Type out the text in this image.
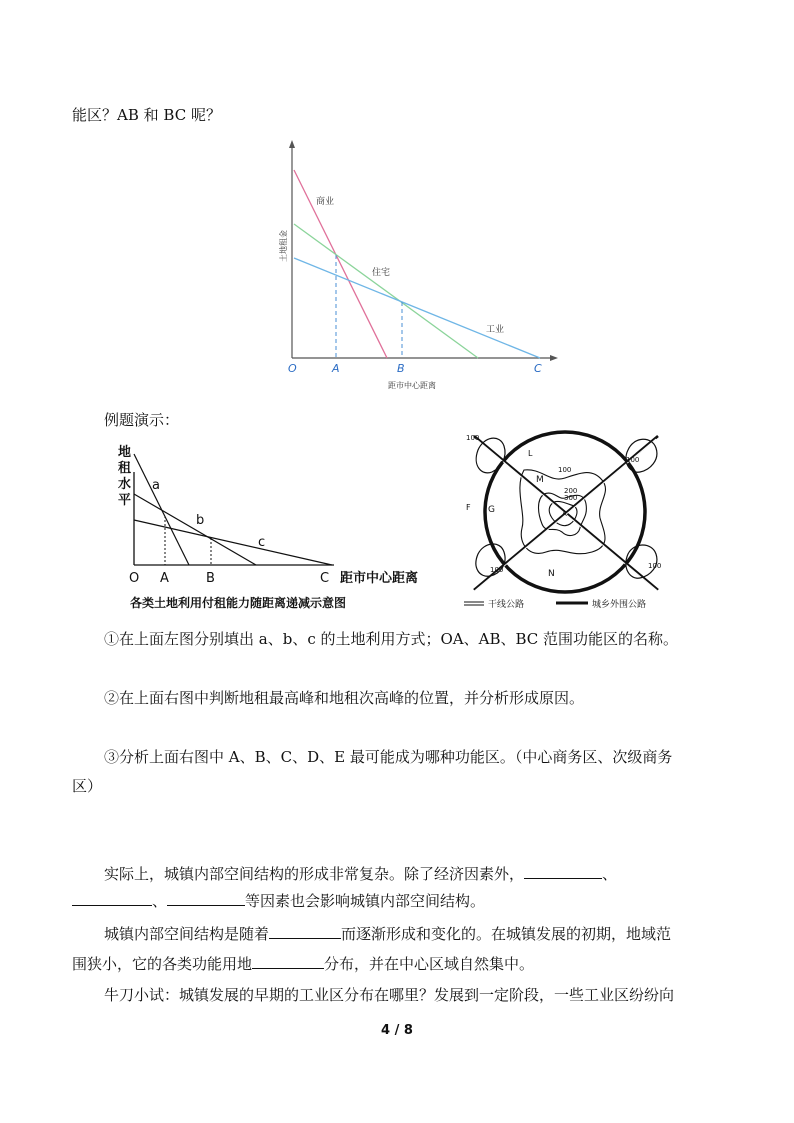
能区？AB 和 BC 呢？
土地租金
商业
住宅
工业
O	A	B	C
距市中心距离
例题演示：
地
租
水
平
a
b
c
O A	B	C 距市中心距离
各类土地利用付租能力随距离递减示意图
100
100
100	100
100
200
300
L
M
G
F
N
A
干线公路	城乡外围公路
①在上面左图分别填出 a、b、c 的土地利用方式；OA、AB、BC 范围功能区的名称。
②在上面右图中判断地租最高峰和地租次高峰的位置，并分析形成原因。
③分析上面右图中 A、B、C、D、E 最可能成为哪种功能区。（中心商务区、次级商务
区）
实际上，城镇内部空间结构的形成非常复杂。除了经济因素外，	、
、	等因素也会影响城镇内部空间结构。
城镇内部空间结构是随着	而逐渐形成和变化的。在城镇发展的初期，地域范
围狭小，它的各类功能用地	分布，并在中心区域自然集中。
牛刀小试：城镇发展的早期的工业区分布在哪里？发展到一定阶段，一些工业区纷纷向
4 / 8
